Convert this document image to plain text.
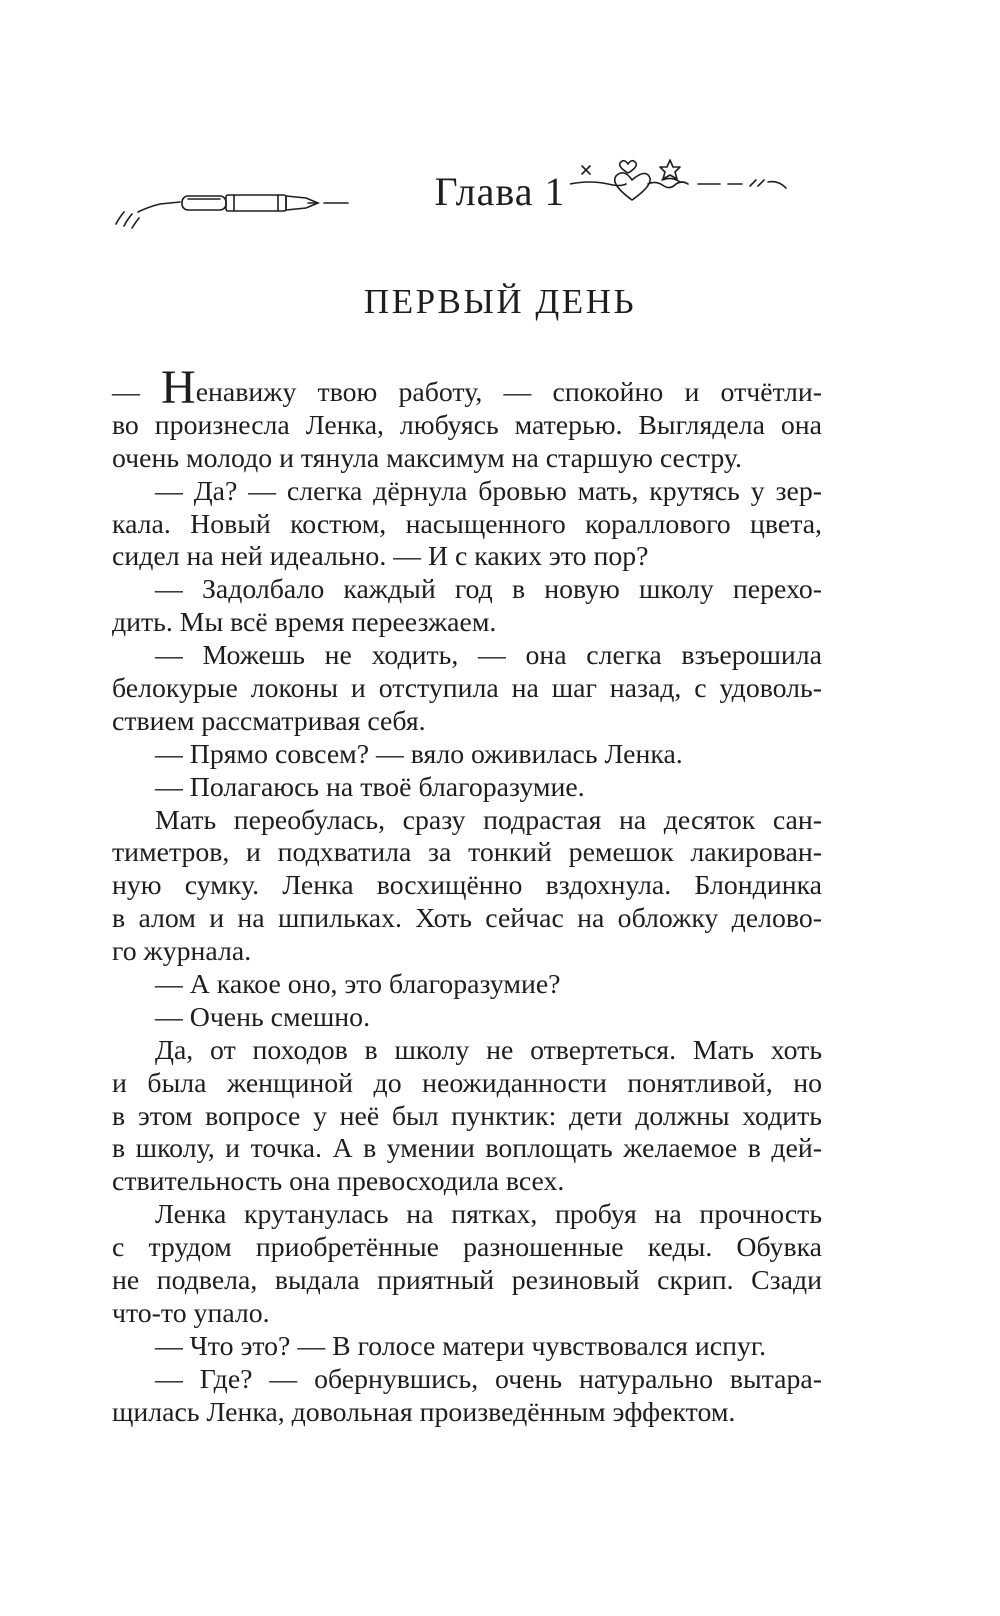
Глава 1
ПЕРВЫЙ ДЕНЬ
— Ненавижу твою работу, — спокойно и отчётли-
во произнесла Ленка, любуясь матерью. Выглядела она
очень молодо и тянула максимум на старшую сестру.
— Да? — слегка дёрнула бровью мать, крутясь у зер-
кала. Новый костюм, насыщенного кораллового цвета,
сидел на ней идеально. — И с каких это пор?
— Задолбало каждый год в новую школу перехо-
дить. Мы всё время переезжаем.
— Можешь не ходить, — она слегка взъерошила
белокурые локоны и отступила на шаг назад, с удоволь-
ствием рассматривая себя.
— Прямо совсем? — вяло оживилась Ленка.
— Полагаюсь на твоё благоразумие.
Мать переобулась, сразу подрастая на десяток сан-
тиметров, и подхватила за тонкий ремешок лакирован-
ную сумку. Ленка восхищённо вздохнула. Блондинка
в алом и на шпильках. Хоть сейчас на обложку делово-
го журнала.
— А какое оно, это благоразумие?
— Очень смешно.
Да, от походов в школу не отвертеться. Мать хоть
и была женщиной до неожиданности понятливой, но
в этом вопросе у неё был пунктик: дети должны ходить
в школу, и точка. А в умении воплощать желаемое в дей-
ствительность она превосходила всех.
Ленка крутанулась на пятках, пробуя на прочность
с трудом приобретённые разношенные кеды. Обувка
не подвела, выдала приятный резиновый скрип. Сзади
что-то упало.
— Что это? — В голосе матери чувствовался испуг.
— Где? — обернувшись, очень натурально вытара-
щилась Ленка, довольная произведённым эффектом.
